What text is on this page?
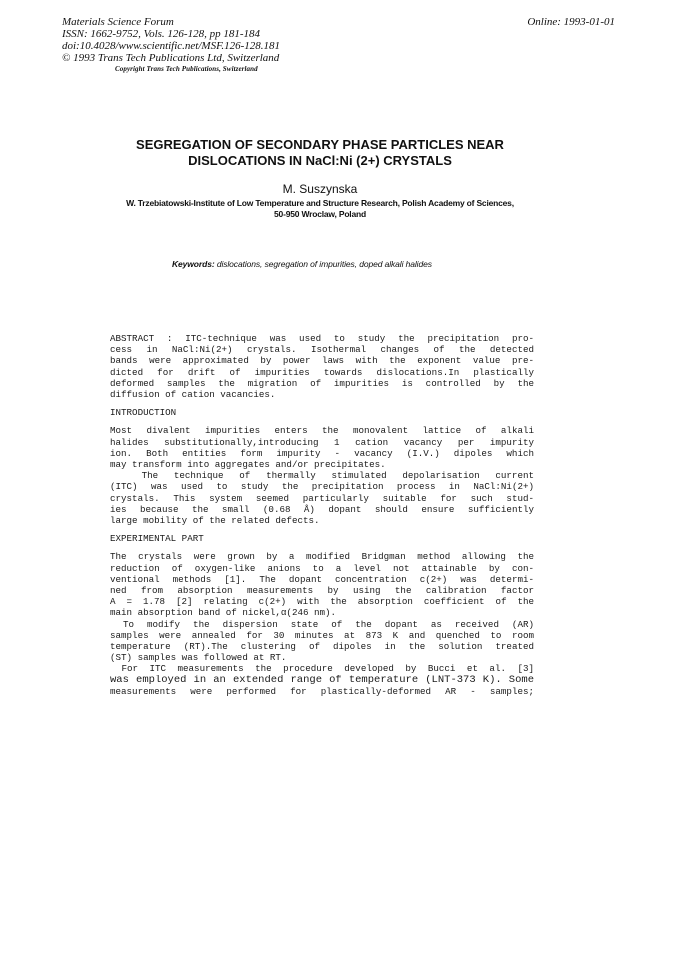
Materials Science Forum
ISSN: 1662-9752, Vols. 126-128, pp 181-184
doi:10.4028/www.scientific.net/MSF.126-128.181
© 1993 Trans Tech Publications Ltd, Switzerland
Copyright Trans Tech Publications, Switzerland
Online: 1993-01-01
SEGREGATION OF SECONDARY PHASE PARTICLES NEAR
DISLOCATIONS IN NaCl:Ni (2+) CRYSTALS
M. Suszynska
W. Trzebiatowski-Institute of Low Temperature and Structure Research, Polish Academy of Sciences,
50-950 Wroclaw, Poland
Keywords: dislocations, segregation of impurities, doped alkali halides
ABSTRACT : ITC-technique was used to study the precipitation pro-
cess in NaCl:Ni(2+) crystals. Isothermal changes of the detected
bands were approximated by power laws with the exponent value pre-
dicted for drift of impurities towards dislocations.In plastically
deformed samples the migration of impurities is controlled by the
diffusion of cation vacancies.
INTRODUCTION
Most divalent impurities enters the monovalent lattice of alkali
halides substitutionally,introducing 1 cation vacancy per impurity
ion. Both entities form impurity - vacancy (I.V.) dipoles which
may transform into aggregates and/or precipitates.
The technique of thermally stimulated depolarisation current
(ITC) was used to study the precipitation process in NaCl:Ni(2+)
crystals. This system seemed particularly suitable for such stud-
ies because the small (0.68 Å) dopant should ensure sufficiently
large mobility of the related defects.
EXPERIMENTAL PART
The crystals were grown by a modified Bridgman method allowing the
reduction of oxygen-like anions to a level not attainable by con-
ventional methods [1]. The dopant concentration c(2+) was determi-
ned from absorption measurements by using the calibration factor
A = 1.78 [2] relating c(2+) with the absorption coefficient of the
main absorption band of nickel,α(246 nm).
To modify the dispersion state of the dopant as received (AR)
samples were annealed for 30 minutes at 873 K and quenched to room
temperature (RT).The clustering of dipoles in the solution treated
(ST) samples was followed at RT.
For ITC measurements the procedure developed by Bucci et al. [3]
was employed in an extended range of temperature (LNT-373 K). Some
measurements were performed for plastically-deformed AR - samples;
